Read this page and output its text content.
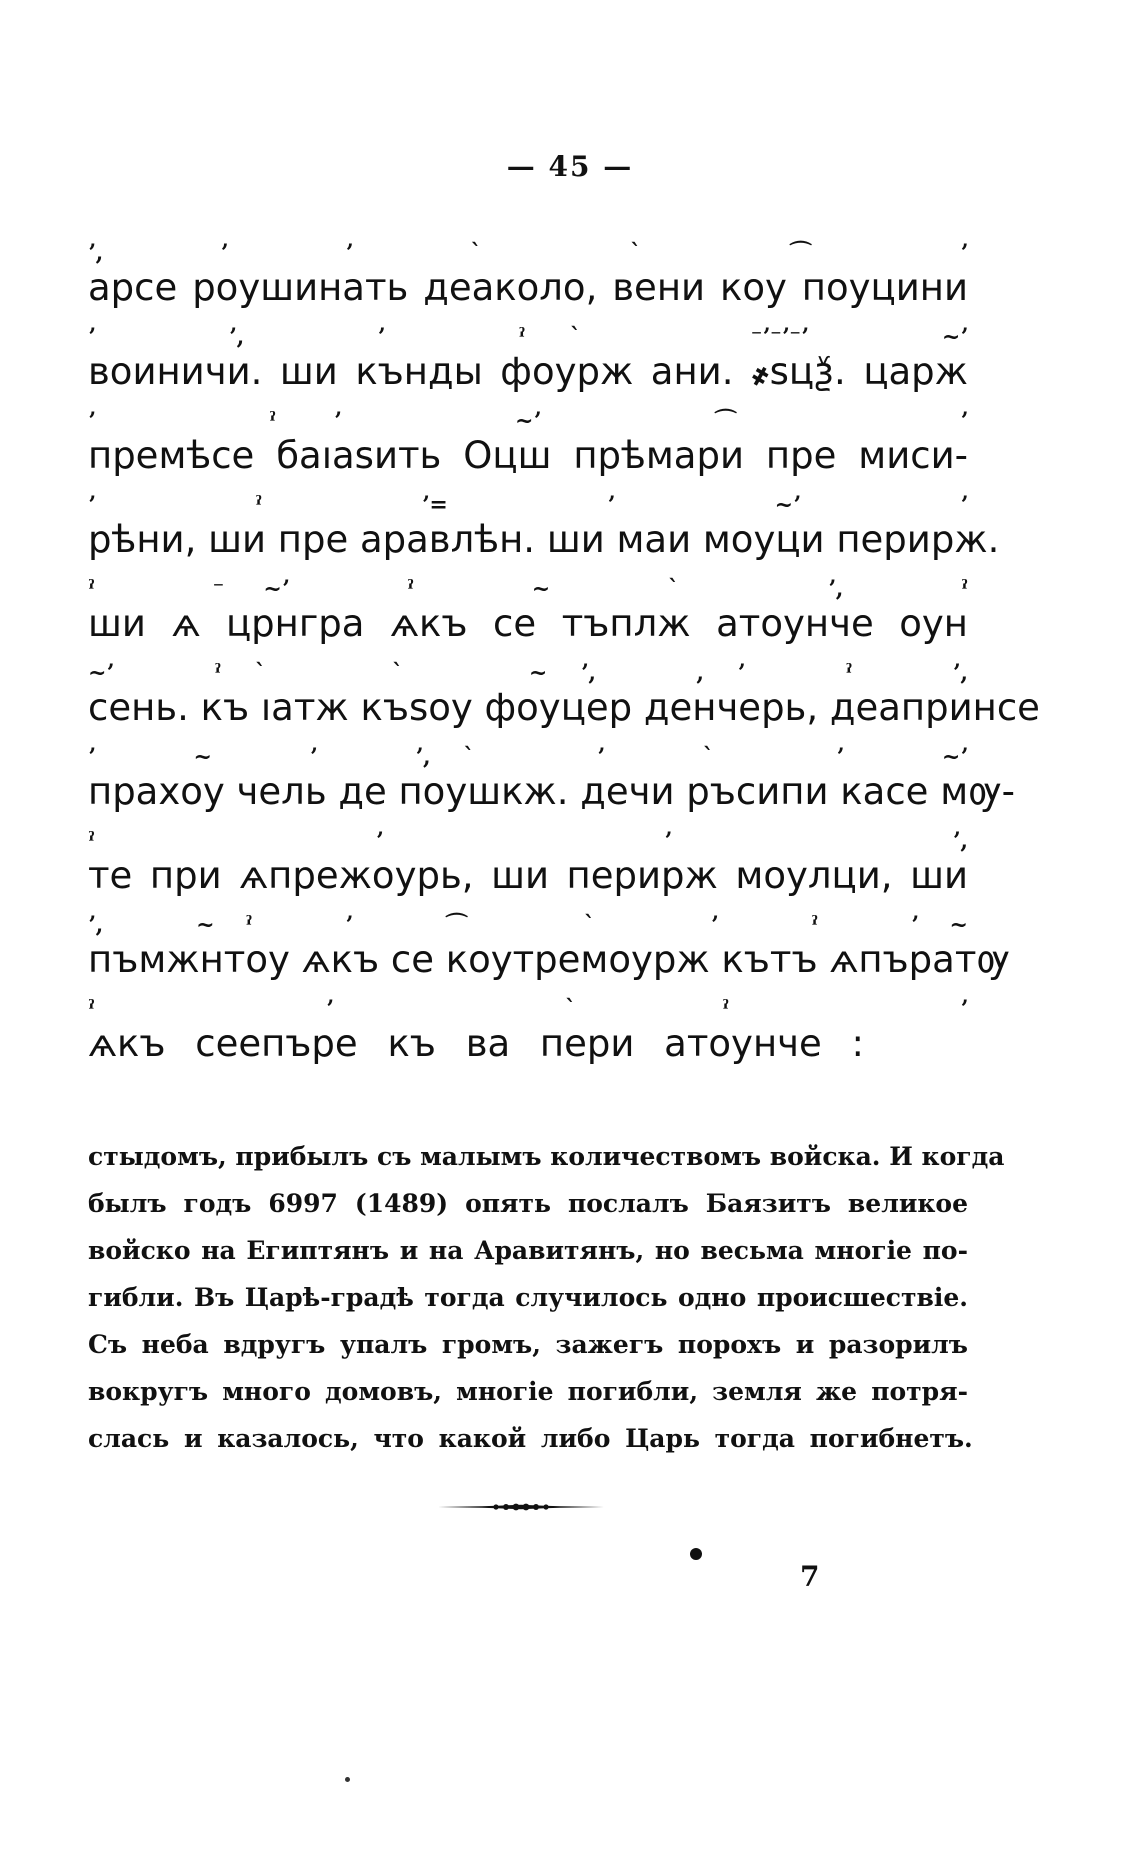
— 45 —
ʼ,   ʼ   ʼ   ˋ   ˋ   ⌒   ʼ
арсе роушинать деаколо, вени коу поуцини
ʼ   ʼ,   ʼ   ˀ ˋ   ⁻ʼ⁻ʼ⁻ʼ   ~ʼ
воиничи. ши кънды фоурж ани. ҂ѕцѯ. царж
ʼ   ˀ ʼ   ~ʼ   ⌒   ʼ
премѣсе баıаѕить Оцш прѣмари пре миси-
ʼ   ˀ   ʼ=   ʼ   ~ʼ   ʼ
рѣни, ши пре аравлѣн. ши маи моуци перирж.
ˀ   ⁻ ~ʼ   ˀ   ~   ˋ   ʼ,   ˀ
ши ѧ црнгра ѧкъ се тъплж атоунче оун
~ʼ   ˀ ˋ   ˋ   ~ ʼ,   , ʼ   ˀ   ʼ,
сень. къ ıатж къѕоу фоуцер денчерь, деапринсе
ʼ   ~   ʼ   ʼ, ˋ   ʼ   ˋ   ʼ   ~ʼ
прахоу чель де поушкж. дечи ръсипи касе мѹ-
ˀ   ʼ   ʼ   ʼ,
те при ѧпрежоурь, ши перирж моулци, ши
ʼ,   ~ ˀ   ʼ   ⌒   ˋ   ʼ   ˀ   ʼ ~
пъмжнтоу ѧкъ се коутремоурж кътъ ѧпъратѹ
ˀ   ʼ   ˋ ˀ   ʼ
ѧкъ сеепъре къ ва пери атоунче :
стыдомъ, прибылъ съ малымъ количествомъ войска. И когда
былъ годъ 6997 (1489) опять послалъ Баязитъ великое
войско на Египтянъ и на Аравитянъ, но весьма многіе по-
гибли. Въ Царѣ-градѣ тогда случилось одно происшествіе.
Съ неба вдругъ упалъ громъ, зажегъ порохъ и разорилъ
вокругъ много домовъ, многіе погибли, земля же потря-
слась и казалось, что какой либо Царь тогда погибнетъ.
7
